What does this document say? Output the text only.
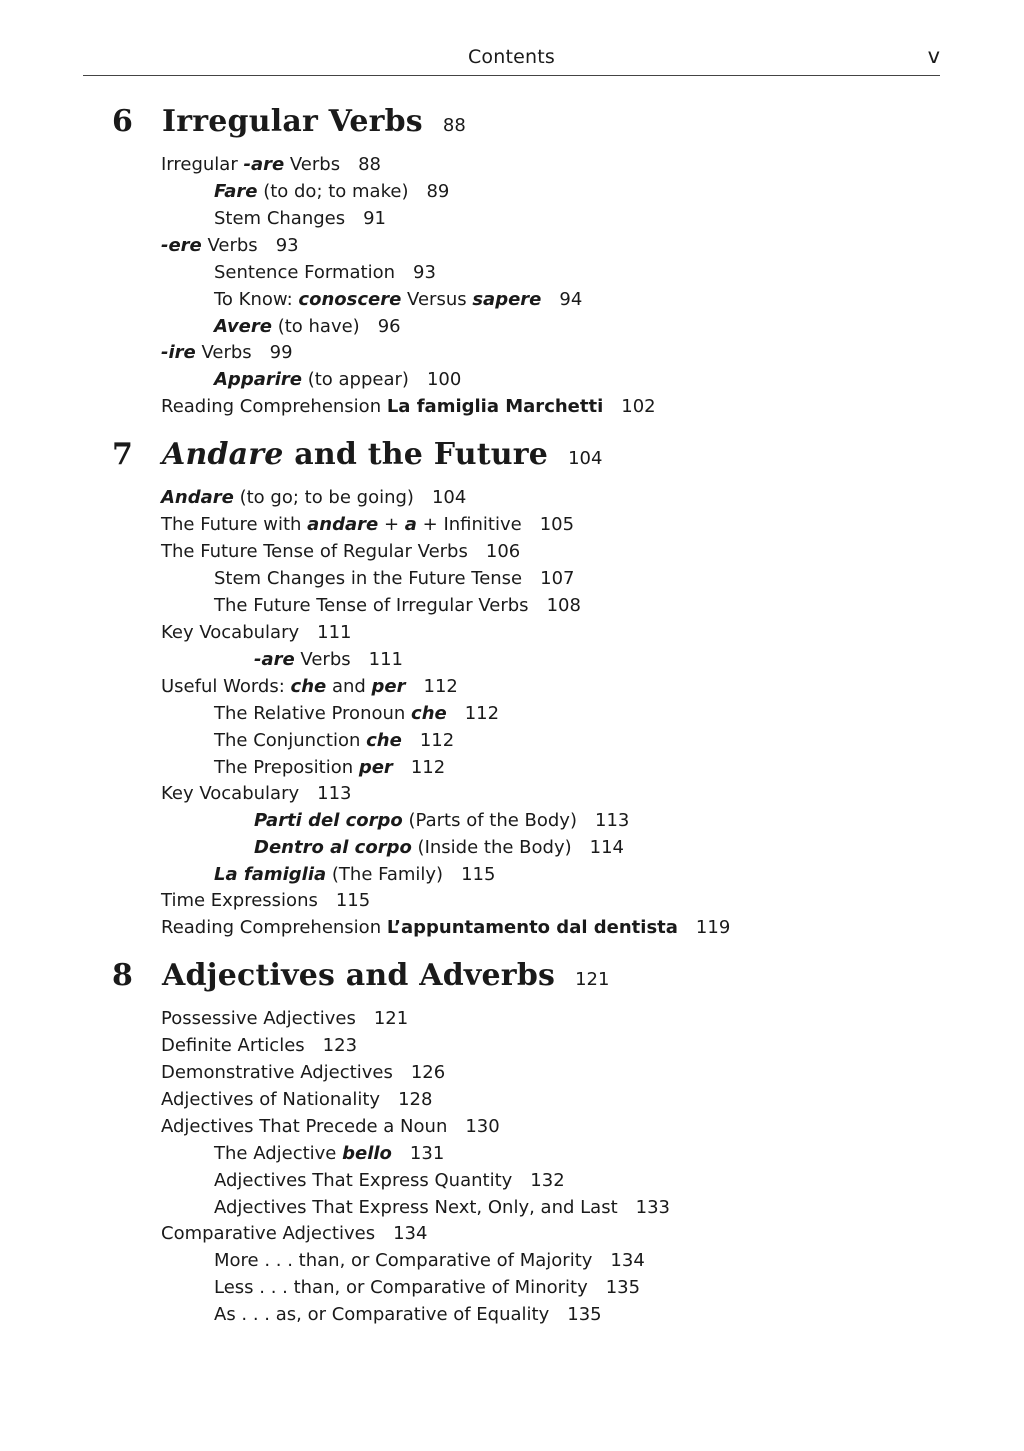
Contents	v
6 Irregular Verbs 88
7 Andare and the Future 104
8 Adjectives and Adverbs 121
Irregular -are Verbs 88
Fare (to do; to make) 89
Stem Changes 91
-ere Verbs 93
Sentence Formation 93
To Know: conoscere Versus sapere 94
Avere (to have) 96
-ire Verbs 99
Apparire (to appear) 100
Reading Comprehension La famiglia Marchetti 102
Andare (to go; to be going) 104
The Future with andare + a + Infinitive 105
The Future Tense of Regular Verbs 106
Stem Changes in the Future Tense 107
The Future Tense of Irregular Verbs 108
Key Vocabulary 111
-are Verbs 111
Useful Words: che and per 112
The Relative Pronoun che 112
The Conjunction che 112
The Preposition per 112
Key Vocabulary 113
Parti del corpo (Parts of the Body) 113
Dentro al corpo (Inside the Body) 114
La famiglia (The Family) 115
Time Expressions 115
Reading Comprehension L’appuntamento dal dentista 119
Possessive Adjectives 121
Definite Articles 123
Demonstrative Adjectives 126
Adjectives of Nationality 128
Adjectives That Precede a Noun 130
The Adjective bello 131
Adjectives That Express Quantity 132
Adjectives That Express Next, Only, and Last 133
Comparative Adjectives 134
More . . . than, or Comparative of Majority 134
Less . . . than, or Comparative of Minority 135
As . . . as, or Comparative of Equality 135
